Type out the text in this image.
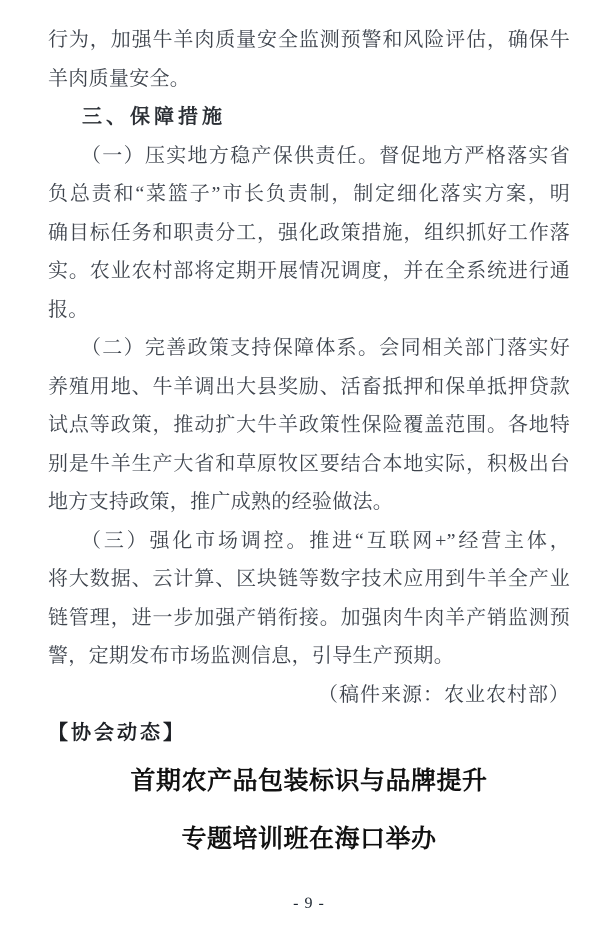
行为，加强牛羊肉质量安全监测预警和风险评估，确保牛
羊肉质量安全。
三、保障措施
（一）压实地方稳产保供责任。督促地方严格落实省
负总责和“菜篮子”市长负责制，制定细化落实方案，明
确目标任务和职责分工，强化政策措施，组织抓好工作落
实。农业农村部将定期开展情况调度，并在全系统进行通
报。
（二）完善政策支持保障体系。会同相关部门落实好
养殖用地、牛羊调出大县奖励、活畜抵押和保单抵押贷款
试点等政策，推动扩大牛羊政策性保险覆盖范围。各地特
别是牛羊生产大省和草原牧区要结合本地实际，积极出台
地方支持政策，推广成熟的经验做法。
（三）强化市场调控。推进“互联网+”经营主体，
将大数据、云计算、区块链等数字技术应用到牛羊全产业
链管理，进一步加强产销衔接。加强肉牛肉羊产销监测预
警，定期发布市场监测信息，引导生产预期。
（稿件来源：农业农村部）
【协会动态】
首期农产品包装标识与品牌提升
专题培训班在海口举办
- 9 -
